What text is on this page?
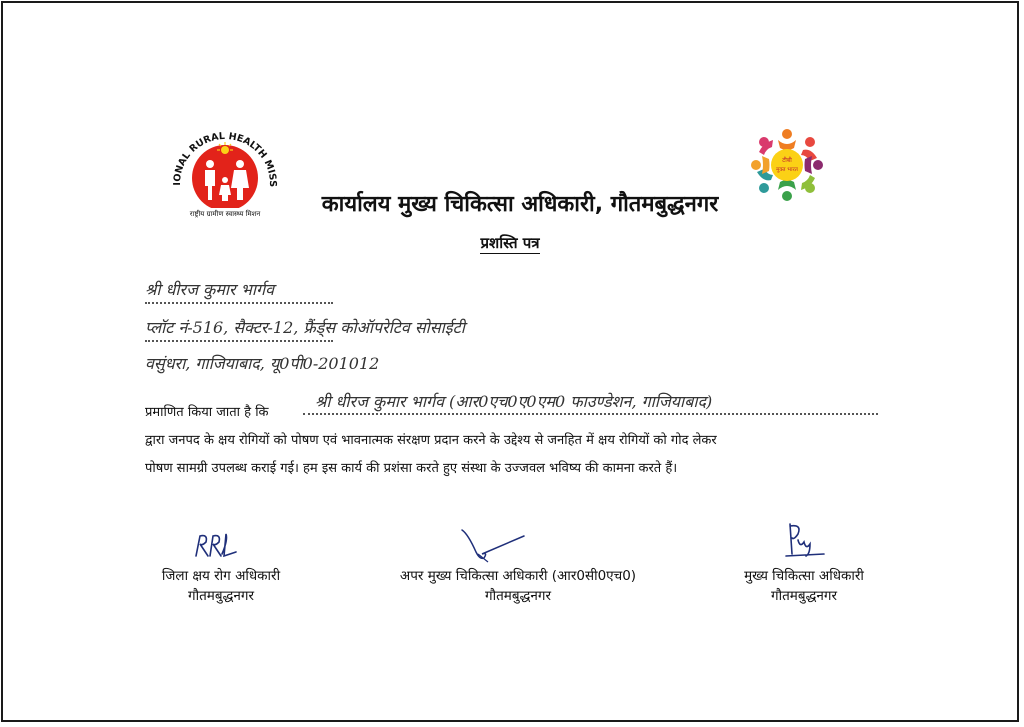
IONAL RURAL HEALTH MISS
राष्ट्रीय ग्रामीण स्वास्थ्य मिशन
टीबी
मुक्त भारत
कार्यालय मुख्य चिकित्सा अधिकारी, गौतमबुद्धनगर
प्रशस्ति पत्र
श्री धीरज कुमार भार्गव
प्लॉट नं-516, सैक्टर-12, फ्रैंर्ड्स कोऑपरेटिव सोसाईटी
वसुंधरा, गाजियाबाद, यू0पी0-201012
प्रमाणित किया जाता है कि
श्री धीरज कुमार भार्गव (आर0एच0ए0एम0 फाउण्डेशन, गाजियाबाद)
द्वारा जनपद के क्षय रोगियों को पोषण एवं भावनात्मक संरक्षण प्रदान करने के उद्देश्य से जनहित में क्षय रोगियों को गोद लेकर
पोषण सामग्री उपलब्ध कराई गई। हम इस कार्य की प्रशंसा करते हुए संस्था के उज्जवल भविष्य की कामना करते हैं।
जिला क्षय रोग अधिकारी
गौतमबुद्धनगर
अपर मुख्य चिकित्सा अधिकारी (आर0सी0एच0)
गौतमबुद्धनगर
मुख्य चिकित्सा अधिकारी
गौतमबुद्धनगर
